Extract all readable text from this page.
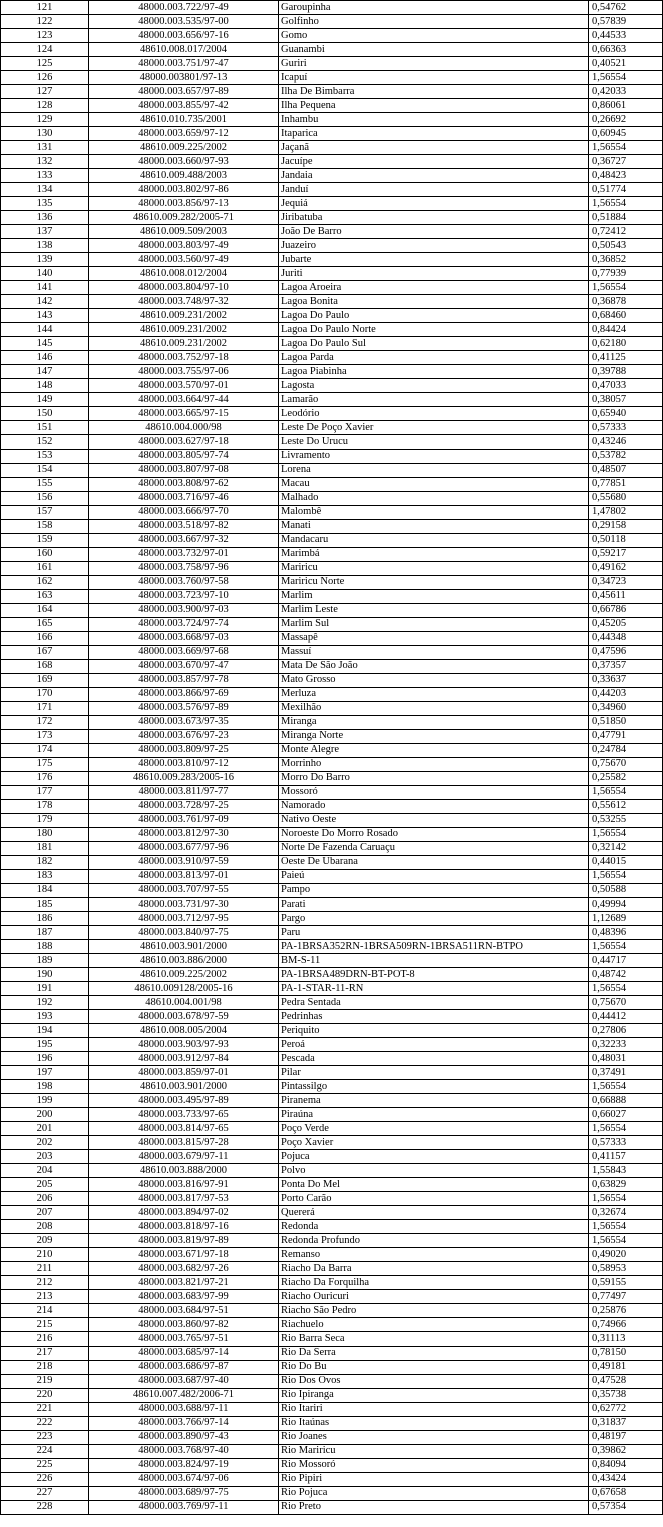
121	48000.003.722/97-49	Garoupinha	0,54762
122	48000.003.535/97-00	Golfinho	0,57839
123	48000.003.656/97-16	Gomo	0,44533
124	48610.008.017/2004	Guanambi	0,66363
125	48000.003.751/97-47	Guriri	0,40521
126	48000.003801/97-13	Icapuí	1,56554
127	48000.003.657/97-89	Ilha De Bimbarra	0,42033
128	48000.003.855/97-42	Ilha Pequena	0,86061
129	48610.010.735/2001	Inhambu	0,26692
130	48000.003.659/97-12	Itaparica	0,60945
131	48610.009.225/2002	Jaçanã	1,56554
132	48000.003.660/97-93	Jacuípe	0,36727
133	48610.009.488/2003	Jandaia	0,48423
134	48000.003.802/97-86	Janduí	0,51774
135	48000.003.856/97-13	Jequiá	1,56554
136	48610.009.282/2005-71	Jiribatuba	0,51884
137	48610.009.509/2003	João De Barro	0,72412
138	48000.003.803/97-49	Juazeiro	0,50543
139	48000.003.560/97-49	Jubarte	0,36852
140	48610.008.012/2004	Juriti	0,77939
141	48000.003.804/97-10	Lagoa Aroeira	1,56554
142	48000.003.748/97-32	Lagoa Bonita	0,36878
143	48610.009.231/2002	Lagoa Do Paulo	0,68460
144	48610.009.231/2002	Lagoa Do Paulo Norte	0,84424
145	48610.009.231/2002	Lagoa Do Paulo Sul	0,62180
146	48000.003.752/97-18	Lagoa Parda	0,41125
147	48000.003.755/97-06	Lagoa Piabinha	0,39788
148	48000.003.570/97-01	Lagosta	0,47033
149	48000.003.664/97-44	Lamarão	0,38057
150	48000.003.665/97-15	Leodório	0,65940
151	48610.004.000/98	Leste De Poço Xavier	0,57333
152	48000.003.627/97-18	Leste Do Urucu	0,43246
153	48000.003.805/97-74	Livramento	0,53782
154	48000.003.807/97-08	Lorena	0,48507
155	48000.003.808/97-62	Macau	0,77851
156	48000.003.716/97-46	Malhado	0,55680
157	48000.003.666/97-70	Malombê	1,47802
158	48000.003.518/97-82	Manati	0,29158
159	48000.003.667/97-32	Mandacaru	0,50118
160	48000.003.732/97-01	Marimbá	0,59217
161	48000.003.758/97-96	Mariricu	0,49162
162	48000.003.760/97-58	Mariricu Norte	0,34723
163	48000.003.723/97-10	Marlim	0,45611
164	48000.003.900/97-03	Marlim Leste	0,66786
165	48000.003.724/97-74	Marlim Sul	0,45205
166	48000.003.668/97-03	Massapê	0,44348
167	48000.003.669/97-68	Massuí	0,47596
168	48000.003.670/97-47	Mata De São João	0,37357
169	48000.003.857/97-78	Mato Grosso	0,33637
170	48000.003.866/97-69	Merluza	0,44203
171	48000.003.576/97-89	Mexilhão	0,34960
172	48000.003.673/97-35	Miranga	0,51850
173	48000.003.676/97-23	Miranga Norte	0,47791
174	48000.003.809/97-25	Monte Alegre	0,24784
175	48000.003.810/97-12	Morrinho	0,75670
176	48610.009.283/2005-16	Morro Do Barro	0,25582
177	48000.003.811/97-77	Mossoró	1,56554
178	48000.003.728/97-25	Namorado	0,55612
179	48000.003.761/97-09	Nativo Oeste	0,53255
180	48000.003.812/97-30	Noroeste Do Morro Rosado	1,56554
181	48000.003.677/97-96	Norte De Fazenda Caruaçu	0,32142
182	48000.003.910/97-59	Oeste De Ubarana	0,44015
183	48000.003.813/97-01	Paieú	1,56554
184	48000.003.707/97-55	Pampo	0,50588
185	48000.003.731/97-30	Parati	0,49994
186	48000.003.712/97-95	Pargo	1,12689
187	48000.003.840/97-75	Paru	0,48396
188	48610.003.901/2000	PA-1BRSA352RN-1BRSA509RN-1BRSA511RN-BTPO	1,56554
189	48610.003.886/2000	BM-S-11	0,44717
190	48610.009.225/2002	PA-1BRSA489DRN-BT-POT-8	0,48742
191	48610.009128/2005-16	PA-1-STAR-11-RN	1,56554
192	48610.004.001/98	Pedra Sentada	0,75670
193	48000.003.678/97-59	Pedrinhas	0,44412
194	48610.008.005/2004	Periquito	0,27806
195	48000.003.903/97-93	Peroá	0,32233
196	48000.003.912/97-84	Pescada	0,48031
197	48000.003.859/97-01	Pilar	0,37491
198	48610.003.901/2000	Pintassilgo	1,56554
199	48000.003.495/97-89	Piranema	0,66888
200	48000.003.733/97-65	Piraúna	0,66027
201	48000.003.814/97-65	Poço Verde	1,56554
202	48000.003.815/97-28	Poço Xavier	0,57333
203	48000.003.679/97-11	Pojuca	0,41157
204	48610.003.888/2000	Polvo	1,55843
205	48000.003.816/97-91	Ponta Do Mel	0,63829
206	48000.003.817/97-53	Porto Carão	1,56554
207	48000.003.894/97-02	Quererá	0,32674
208	48000.003.818/97-16	Redonda	1,56554
209	48000.003.819/97-89	Redonda Profundo	1,56554
210	48000.003.671/97-18	Remanso	0,49020
211	48000.003.682/97-26	Riacho Da Barra	0,58953
212	48000.003.821/97-21	Riacho Da Forquilha	0,59155
213	48000.003.683/97-99	Riacho Ouricuri	0,77497
214	48000.003.684/97-51	Riacho São Pedro	0,25876
215	48000.003.860/97-82	Riachuelo	0,74966
216	48000.003.765/97-51	Rio Barra Seca	0,31113
217	48000.003.685/97-14	Rio Da Serra	0,78150
218	48000.003.686/97-87	Rio Do Bu	0,49181
219	48000.003.687/97-40	Rio Dos Ovos	0,47528
220	48610.007.482/2006-71	Rio Ipiranga	0,35738
221	48000.003.688/97-11	Rio Itariri	0,62772
222	48000.003.766/97-14	Rio Itaúnas	0,31837
223	48000.003.890/97-43	Rio Joanes	0,48197
224	48000.003.768/97-40	Rio Mariricu	0,39862
225	48000.003.824/97-19	Rio Mossoró	0,84094
226	48000.003.674/97-06	Rio Pipiri	0,43424
227	48000.003.689/97-75	Rio Pojuca	0,67658
228	48000.003.769/97-11	Rio Preto	0,57354
